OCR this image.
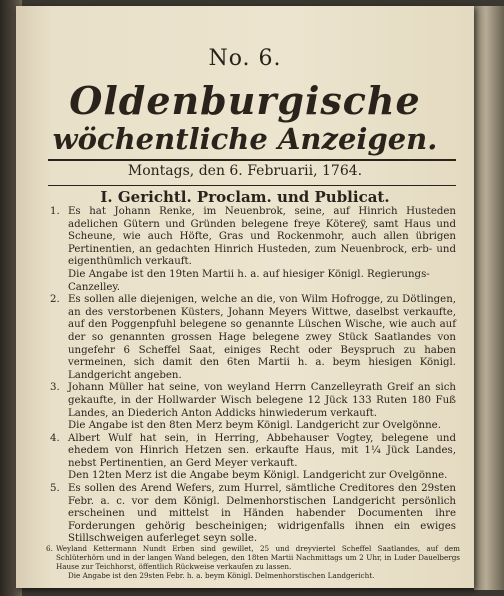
No. 6.
Oldenburgische
wöchentliche Anzeigen.
Montags, den 6. Februarii, 1764.
I. Gerichtl. Proclam. und Publicat.
1. Es hat Johann Renke, im Neuenbrok, seine, auf Hinrich Husteden adelichen Gütern und Gründen belegene freye Kötereÿ, samt Haus und Scheune, wie auch Höfte, Gras und Rockenmohr, auch allen übrigen Pertinentien, an gedachten Hinrich Husteden, zum Neuenbrock, erb- und eigenthümlich verkauft.
Die Angabe ist den 19ten Martii h. a. auf hiesiger Königl. Regierungs-Canzelley.
2. Es sollen alle diejenigen, welche an die, von Wilm Hofrogge, zu Dötlingen, an des verstorbenen Küsters, Johann Meyers Wittwe, daselbst verkaufte, auf den Poggenpfuhl belegene so genannte Lüschen Wische, wie auch auf der so genannten grossen Hage belegene zwey Stück Saatlandes von ungefehr 6 Scheffel Saat, einiges Recht oder Beyspruch zu haben vermeinen, sich damit den 6ten Martii h. a. beym hiesigen Königl. Landgericht angeben.
3. Johann Müller hat seine, von weyland Herrn Canzelleyrath Greif an sich gekaufte, in der Hollwarder Wisch belegene 12 Jück 133 Ruten 180 Fuß Landes, an Diederich Anton Addicks hinwiederum verkauft.
Die Angabe ist den 8ten Merz beym Königl. Landgericht zur Ovelgönne.
4. Albert Wulf hat sein, in Herring, Abbehauser Vogtey, belegene und ehedem von Hinrich Hetzen sen. erkaufte Haus, mit 1¼ Jück Landes, nebst Pertinentien, an Gerd Meyer verkauft.
Den 12ten Merz ist die Angabe beym Königl. Landgericht zur Ovelgönne.
5. Es sollen des Arend Wefers, zum Hurrel, sämtliche Creditores den 29sten Febr. a. c. vor dem Königl. Delmenhorstischen Landgericht persönlich erscheinen und mittelst in Händen habender Documenten ihre Forderungen gehörig bescheinigen; widrigenfalls ihnen ein ewiges Stillschweigen auferleget seyn solle.
6. Weyland Kettermann Nundt Erben sind gewillet, 25 und dreyviertel Scheffel Saatlandes, auf dem Schlüterhörn und in der langen Wand belegen, den 18ten Martii Nachmittags um 2 Uhr, in Luder Dauelbergs Hause zur Teichhorst, öffentlich Rückweise verkaufen zu lassen.
Die Angabe ist den 29sten Febr. h. a. beym Königl. Delmenhorstischen Landgericht.
